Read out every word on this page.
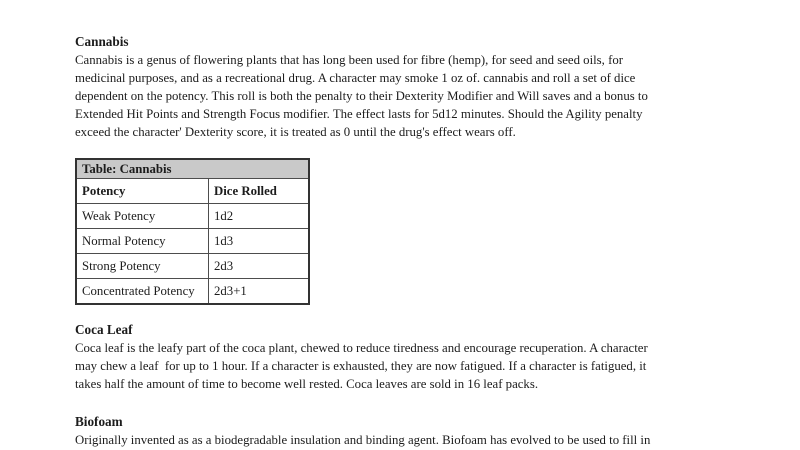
Cannabis
Cannabis is a genus of flowering plants that has long been used for fibre (hemp), for seed and seed oils, for
medicinal purposes, and as a recreational drug. A character may smoke 1 oz of. cannabis and roll a set of dice
dependent on the potency. This roll is both the penalty to their Dexterity Modifier and Will saves and a bonus to
Extended Hit Points and Strength Focus modifier. The effect lasts for 5d12 minutes. Should the Agility penalty
exceed the character' Dexterity score, it is treated as 0 until the drug's effect wears off.
Table: Cannabis	
Potency	Dice Rolled
Weak Potency	1d2
Normal Potency	1d3
Strong Potency	2d3
Concentrated Potency	2d3+1
Coca Leaf
Coca leaf is the leafy part of the coca plant, chewed to reduce tiredness and encourage recuperation. A character
may chew a leaf  for up to 1 hour. If a character is exhausted, they are now fatigued. If a character is fatigued, it
takes half the amount of time to become well rested. Coca leaves are sold in 16 leaf packs.
Biofoam
Originally invented as as a biodegradable insulation and binding agent. Biofoam has evolved to be used to fill in
